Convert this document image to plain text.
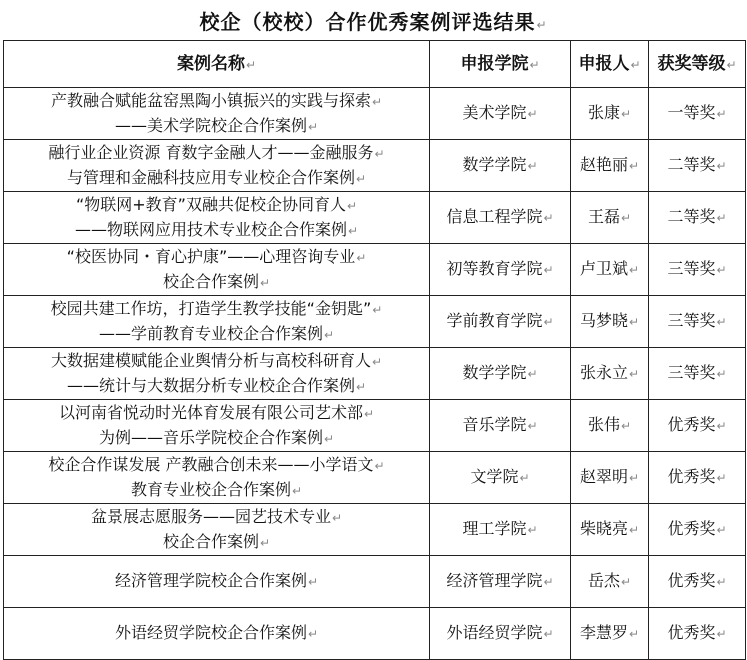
校企（校校）合作优秀案例评选结果↵
案例名称↵	申报学院↵	申报人↵	获奖等级↵

产教融合赋能盆窑黑陶小镇振兴的实践与探索↵
——美术学院校企合作案例↵	美术学院↵	张康↵	一等奖↵

融行业企业资源 育数字金融人才——金融服务↵
与管理和金融科技应用专业校企合作案例↵	数学学院↵	赵艳丽↵	二等奖↵

“物联网+教育”双融共促校企协同育人↵
——物联网应用技术专业校企合作案例↵	信息工程学院↵	王磊↵	二等奖↵

“校医协同・育心护康”——心理咨询专业↵
校企合作案例↵	初等教育学院↵	卢卫斌↵	三等奖↵

校园共建工作坊，打造学生教学技能“金钥匙”↵
——学前教育专业校企合作案例↵	学前教育学院↵	马梦晓↵	三等奖↵

大数据建模赋能企业舆情分析与高校科研育人↵
——统计与大数据分析专业校企合作案例↵	数学学院↵	张永立↵	三等奖↵

以河南省悦动时光体育发展有限公司艺术部↵
为例——音乐学院校企合作案例↵	音乐学院↵	张伟↵	优秀奖↵

校企合作谋发展 产教融合创未来——小学语文↵
教育专业校企合作案例↵	文学院↵	赵翠明↵	优秀奖↵

盆景展志愿服务——园艺技术专业↵
校企合作案例↵	理工学院↵	柴晓亮↵	优秀奖↵

经济管理学院校企合作案例↵	经济管理学院↵	岳杰↵	优秀奖↵

外语经贸学院校企合作案例↵	外语经贸学院↵	李慧罗↵	优秀奖↵
